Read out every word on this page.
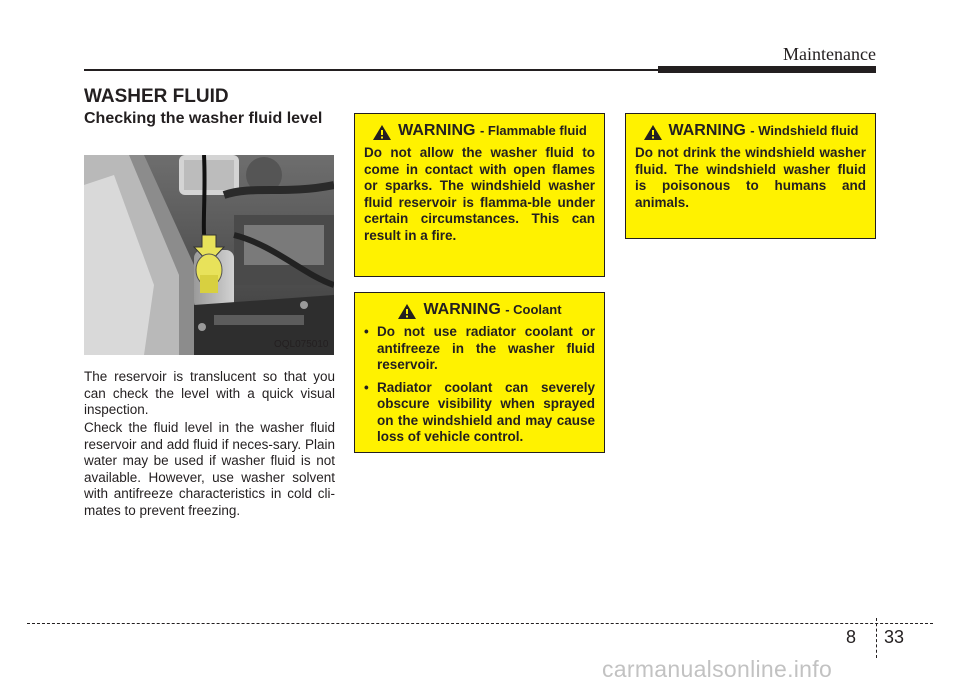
Maintenance
WASHER FLUID
Checking the washer fluid level
OQL075010

The reservoir is translucent so that you can check the level with a quick visual inspection.

Check the fluid level in the washer fluid reservoir and add fluid if neces-sary. Plain water may be used if washer fluid is not available. However, use washer solvent with antifreeze characteristics in cold cli-mates to prevent freezing.

WARNING - Flammable fluid

Do not allow the washer fluid to come in contact with open flames or sparks. The windshield washer fluid reservoir is flamma-ble under certain circumstances. This can result in a fire.

WARNING - Coolant
• Do not use radiator coolant or antifreeze in the washer fluid reservoir.
• Radiator coolant can severely obscure visibility when sprayed on the windshield and may cause loss of vehicle control.
WARNING - Windshield fluid

Do not drink the windshield washer fluid. The windshield washer fluid is poisonous to humans and animals.

8 33
carmanualsonline.info
